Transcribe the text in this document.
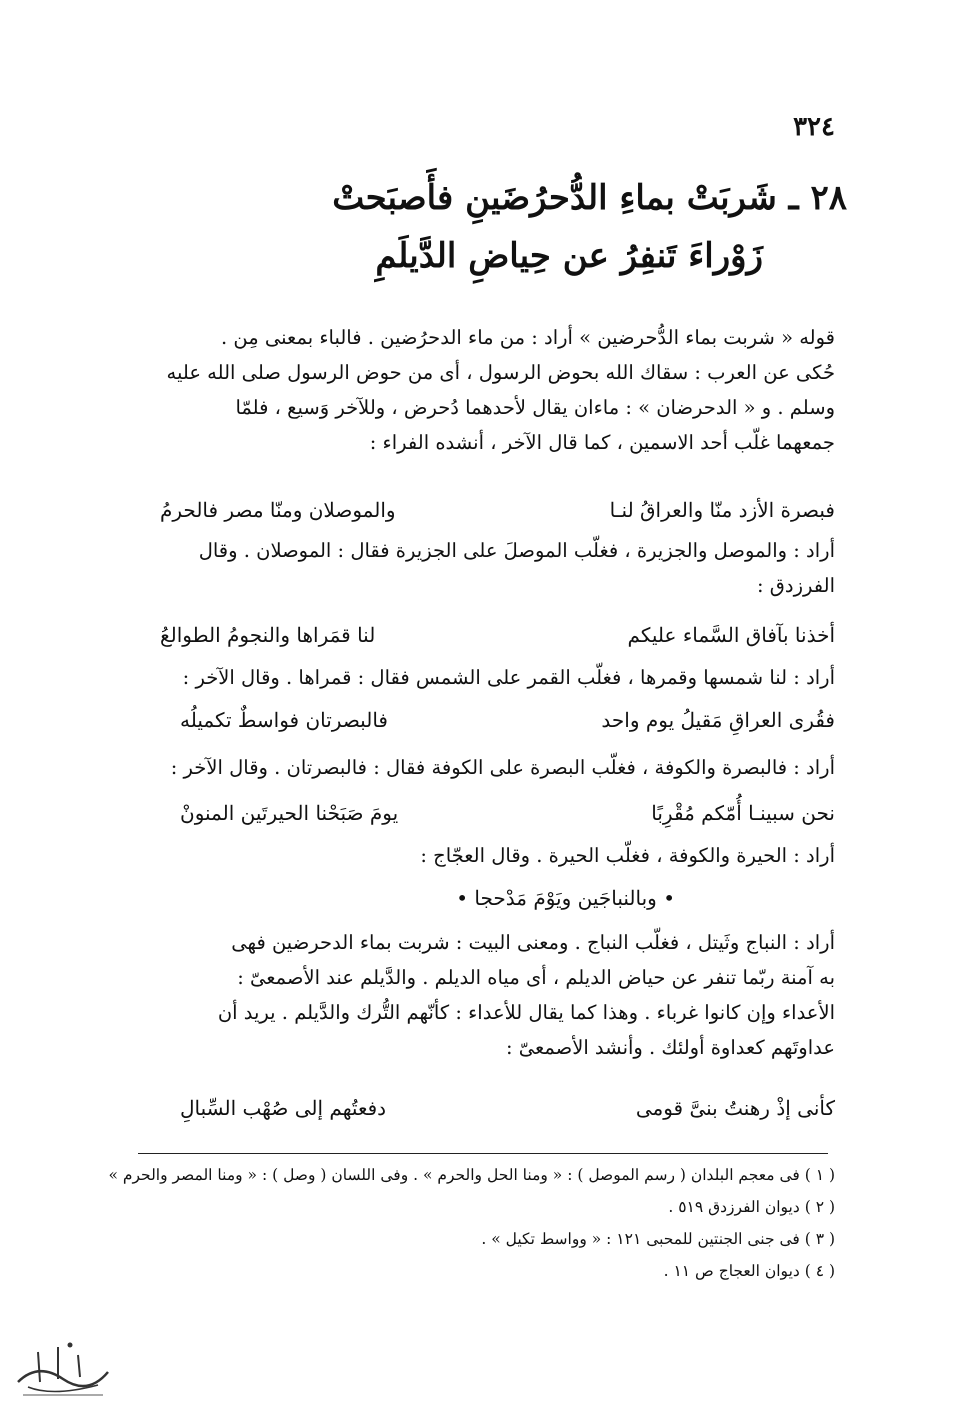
٣٢٤
٢٨ ـ شَربَتْ بماءِ الدُّحرُضَينِ فأَصبَحتْ
زَوْراءَ تَنفِرُ عن حِياضِ الدَّيلَمِ
قوله « شربت بماء الدُّحرضين » أراد : من ماء الدحرُضين . فالباء بمعنى مِن .
حُكى عن العرب : سقاك الله بحوض الرسول ، أى من حوض الرسول صلى الله عليه
وسلم . و « الدحرضان » : ماءان يقال لأحدهما دُحرض ، وللآخر وَسيع ، فلمّا
جمعهما غلّب أحد الاسمين ، كما قال الآخر ، أنشده الفراء :
فبصرة الأزد منّا والعراقُ لنـا
والموصلان ومنّا مصر فالحرمُ
أراد : والموصل والجزيرة ، فغلّب الموصلَ على الجزيرة فقال : الموصلان . وقال
الفرزدق :
أخذنا بآفاق السَّماء عليكم
لنا قمَراها والنجومُ الطوالعُ
أراد : لنا شمسها وقمرها ، فغلّب القمر على الشمس فقال : قمراها . وقال الآخر :
فقُرى العراقِ مَقيلُ يوم واحد
فالبصرتان فواسطٌ تكميلُه
أراد : فالبصرة والكوفة ، فغلّب البصرة على الكوفة فقال : فالبصرتان . وقال الآخر :
نحن سبينـا أُمّكم مُقْرِبًا
يومَ صَبَحْنا الحيرتَين المنونْ
أراد : الحيرة والكوفة ، فغلّب الحيرة . وقال العجّاج :
• وبالنباجَين ويَوْمَ مَدْحجا •
أراد : النباج وثَيتل ، فغلّب النباج . ومعنى البيت : شربت بماء الدحرضين فهى
به آمنة ربّما تنفر عن حياض الديلم ، أى مياه الديلم . والدَّيلم عند الأصمعىّ :
الأعداء وإن كانوا غرباء . وهذا كما يقال للأعداء : كأنّهم التُّرك والدَّيلم . يريد أن
عداوتَهم كعداوة أولئك . وأنشد الأصمعىّ :
كأنى إذْ رهنتُ بنىَّ قومى
دفعتُهم إلى صُهْب السِّبالِ
( ١ ) فى معجم البلدان ( رسم الموصل ) : « ومنا الحل والحرم » . وفى اللسان ( وصل ) : « ومنا المصر والحرم »
( ٢ ) ديوان الفرزدق ٥١٩ .
( ٣ ) فى جنى الجنتين للمحبى ١٢١ : « وواسط تكيل » .
( ٤ ) ديوان العجاج ص ١١ .
